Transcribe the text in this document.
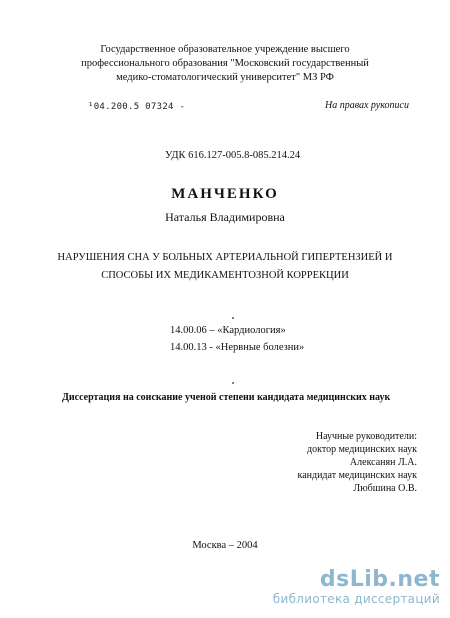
Государственное образовательное учреждение высшего
профессионального образования "Московский государственный
медико-стоматологический университет" МЗ РФ
¹04.200.5 07324 -	На правах рукописи
УДК 616.127-005.8-085.214.24
МАНЧЕНКО
Наталья Владимировна
НАРУШЕНИЯ СНА У БОЛЬНЫХ АРТЕРИАЛЬНОЙ ГИПЕРТЕНЗИЕЙ И
СПОСОБЫ ИХ МЕДИКАМЕНТОЗНОЙ КОРРЕКЦИИ
14.00.06 – «Кардиология»
14.00.13 - «Нервные болезни»
Диссертация на соискание ученой степени кандидата медицинских наук
Научные руководители:
доктор медицинских наук
Алексанян Л.А.
кандидат медицинских наук
Любшина О.В.
Москва – 2004
dsLib.net
библиотека диссертаций
